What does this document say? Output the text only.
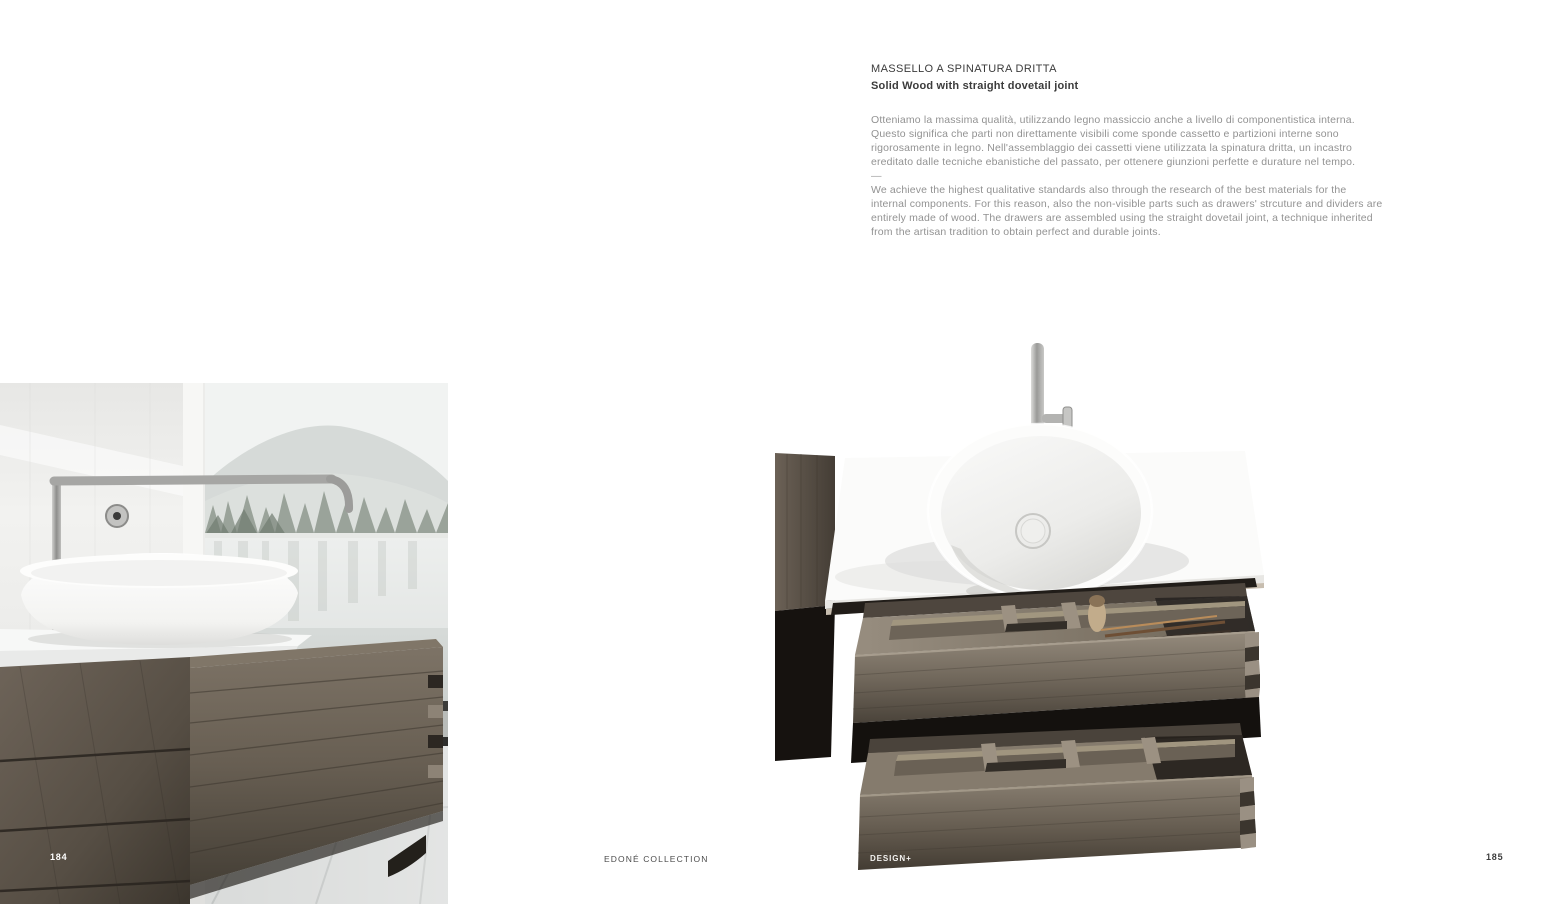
MASSELLO A SPINATURA DRITTA
Solid Wood with straight dovetail joint

Otteniamo la massima qualità, utilizzando legno massiccio anche a livello di componentistica interna. Questo significa che parti non direttamente visibili come sponde cassetto e partizioni interne sono rigorosamente in legno. Nell'assemblaggio dei cassetti viene utilizzata la spinatura dritta, un incastro ereditato dalle tecniche ebanistiche del passato, per ottenere giunzioni perfette e durature nel tempo.

—

We achieve the highest qualitative standards also through the research of the best materials for the internal components. For this reason, also the non-visible parts such as drawers' strcuture and dividers are entirely made of wood. The drawers are assembled using the straight dovetail joint, a technique inherited from the artisan tradition to obtain perfect and durable joints.

184	EDONÉ COLLECTION	DESIGN+	185
